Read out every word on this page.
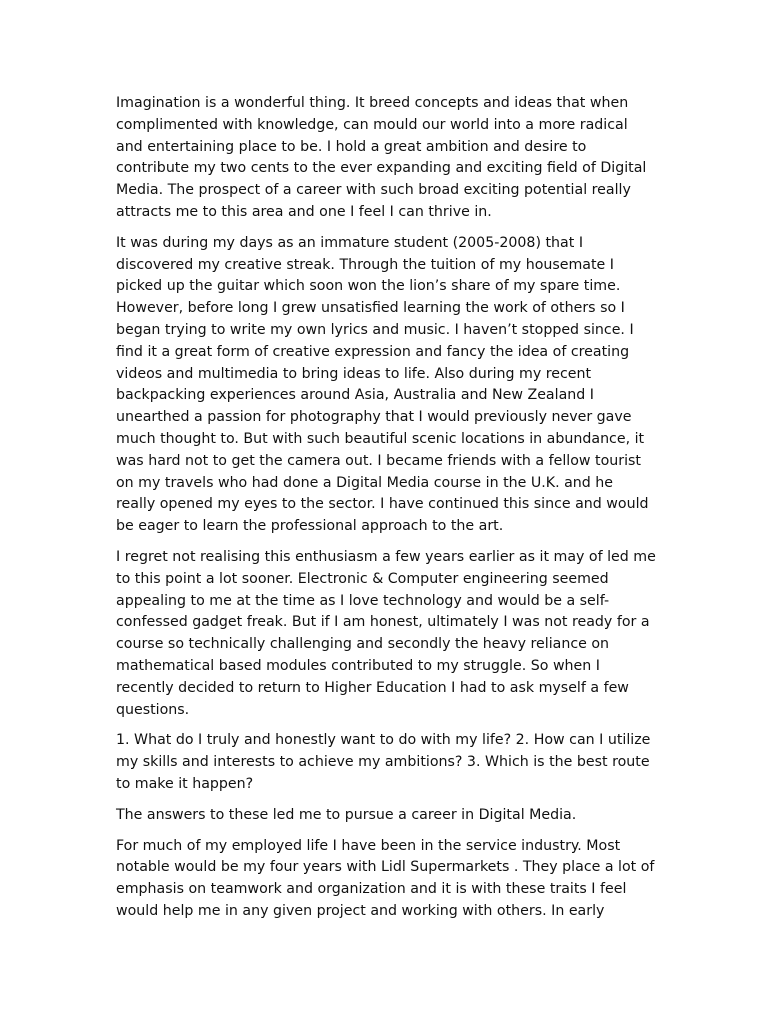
Imagination is a wonderful thing. It breed concepts and ideas that when complimented with knowledge, can mould our world into a more radical and entertaining place to be. I hold a great ambition and desire to contribute my two cents to the ever expanding and exciting field of Digital Media. The prospect of a career with such broad exciting potential really attracts me to this area and one I feel I can thrive in.

It was during my days as an immature student (2005-2008) that I discovered my creative streak. Through the tuition of my housemate I picked up the guitar which soon won the lion’s share of my spare time. However, before long I grew unsatisfied learning the work of others so I began trying to write my own lyrics and music. I haven’t stopped since. I find it a great form of creative expression and fancy the idea of creating videos and multimedia to bring ideas to life. Also during my recent backpacking experiences around Asia, Australia and New Zealand I unearthed a passion for photography that I would previously never gave much thought to. But with such beautiful scenic locations in abundance, it was hard not to get the camera out. I became friends with a fellow tourist on my travels who had done a Digital Media course in the U.K. and he really opened my eyes to the sector. I have continued this since and would be eager to learn the professional approach to the art.

I regret not realising this enthusiasm a few years earlier as it may of led me to this point a lot sooner. Electronic & Computer engineering seemed appealing to me at the time as I love technology and would be a self-confessed gadget freak. But if I am honest, ultimately I was not ready for a course so technically challenging and secondly the heavy reliance on mathematical based modules contributed to my struggle. So when I recently decided to return to Higher Education I had to ask myself a few questions.

1. What do I truly and honestly want to do with my life? 2. How can I utilize my skills and interests to achieve my ambitions? 3. Which is the best route to make it happen?

The answers to these led me to pursue a career in Digital Media.

For much of my employed life I have been in the service industry. Most notable would be my four years with Lidl Supermarkets . They place a lot of emphasis on teamwork and organization and it is with these traits I feel would help me in any given project and working with others. In early
